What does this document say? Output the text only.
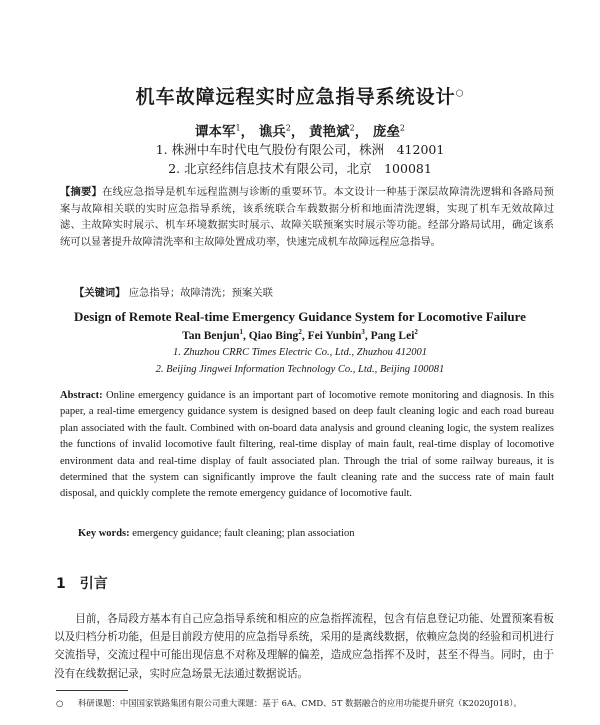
机车故障远程实时应急指导系统设计○
谭本军$^1$， 谯兵$^2$， 黄艳斌$^2$， 庞垒$^2$
1. 株洲中车时代电气股份有限公司，株洲　412001
2. 北京经纬信息技术有限公司，北京　100081
【摘要】在线应急指导是机车远程监测与诊断的重要环节。本文设计一种基于深层故障清洗逻辑和各路局预案与故障相关联的实时应急指导系统，该系统联合车载数据分析和地面清洗逻辑，实现了机车无效故障过滤、主故障实时展示、机车环境数据实时展示、故障关联预案实时展示等功能。经部分路局试用，确定该系统可以显著提升故障清洗率和主故障处置成功率，快速完成机车故障远程应急指导。
【关键词】 应急指导；故障清洗；预案关联
Design of Remote Real-time Emergency Guidance System for Locomotive Failure
Tan Benjun$^1$, Qiao Bing$^2$, Fei Yunbin$^3$, Pang Lei$^2$
1. Zhuzhou CRRC Times Electric Co., Ltd., Zhuzhou 412001
2. Beijing Jingwei Information Technology Co., Ltd., Beijing 100081
Abstract: Online emergency guidance is an important part of locomotive remote monitoring and diagnosis. In this paper, a real-time emergency guidance system is designed based on deep fault cleaning logic and each road bureau plan associated with the fault. Combined with on-board data analysis and ground cleaning logic, the system realizes the functions of invalid locomotive fault filtering, real-time display of main fault, real-time display of locomotive environment data and real-time display of fault associated plan. Through the trial of some railway bureaus, it is determined that the system can significantly improve the fault cleaning rate and the success rate of main fault disposal, and quickly complete the remote emergency guidance of locomotive fault.
Key words: emergency guidance; fault cleaning; plan association
1 引言
目前，各局段方基本有自己应急指导系统和相应的应急指挥流程，包含有信息登记功能、处置预案看板以及归档分析功能，但是目前段方使用的应急指导系统，采用的是离线数据，依赖应急岗的经验和司机进行交流指导，交流过程中可能出现信息不对称及理解的偏差，造成应急指挥不及时，甚至不得当。同时，由于没有在线数据记录，实时应急场景无法通过数据说话。
○ 科研课题：中国国家铁路集团有限公司重大课题：基于 6A、CMD、5T 数据融合的应用功能提升研究（K2020J018）。
